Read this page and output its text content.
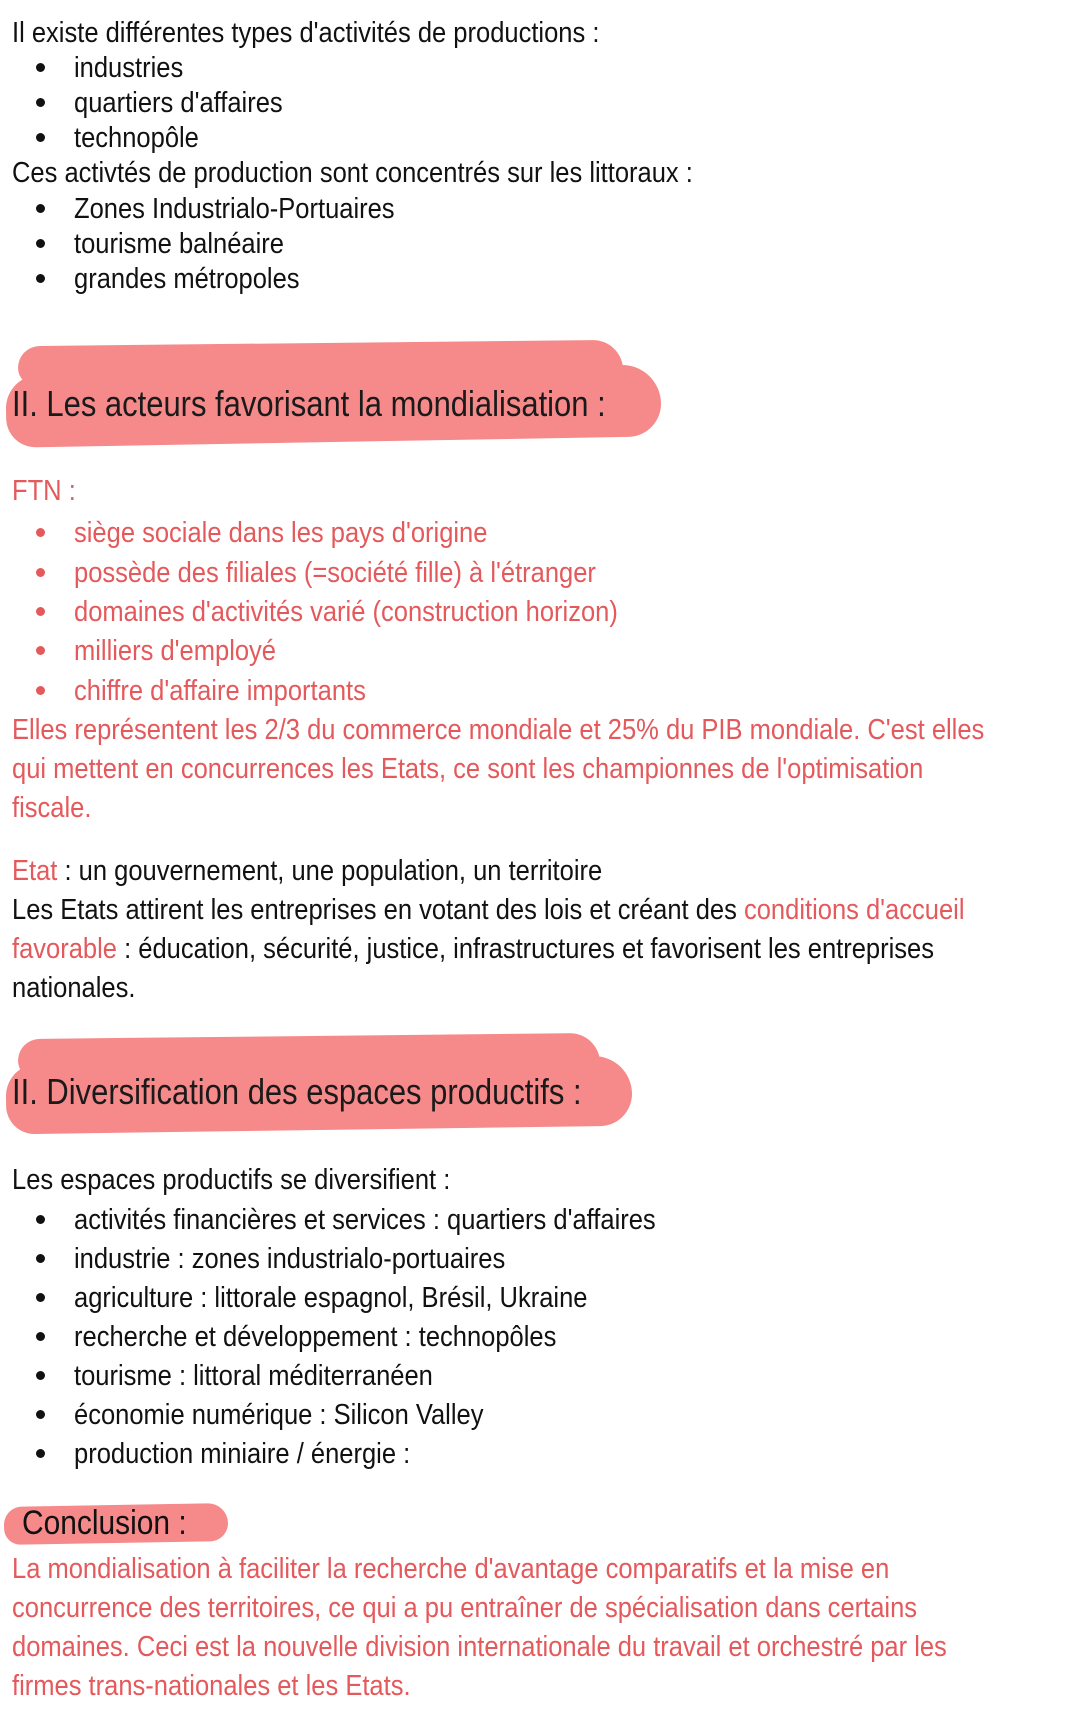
Il existe différentes types d'activités de productions :
industries
quartiers d'affaires
technopôle
Ces activtés de production sont concentrés sur les littoraux :
Zones Industrialo-Portuaires
tourisme balnéaire
grandes métropoles
II. Les acteurs favorisant la mondialisation :
FTN :
siège sociale dans les pays d'origine
possède des filiales (=société fille) à l'étranger
domaines d'activités varié (construction horizon)
milliers d'employé
chiffre d'affaire importants
Elles représentent les 2/3 du commerce mondiale et 25% du PIB mondiale. C'est elles
qui mettent en concurrences les Etats, ce sont les championnes de l'optimisation
fiscale.
Etat : un gouvernement, une population, un territoire
Les Etats attirent les entreprises en votant des lois et créant des conditions d'accueil
favorable : éducation, sécurité, justice, infrastructures et favorisent les entreprises
nationales.
II. Diversification des espaces productifs :
Les espaces productifs se diversifient :
activités financières et services : quartiers d'affaires
industrie : zones industrialo-portuaires
agriculture : littorale espagnol, Brésil, Ukraine
recherche et développement : technopôles
tourisme : littoral méditerranéen
économie numérique : Silicon Valley
production miniaire / énergie :
Conclusion :
La mondialisation à faciliter la recherche d'avantage comparatifs et la mise en
concurrence des territoires, ce qui a pu entraîner de spécialisation dans certains
domaines. Ceci est la nouvelle division internationale du travail et orchestré par les
firmes trans-nationales et les Etats.
